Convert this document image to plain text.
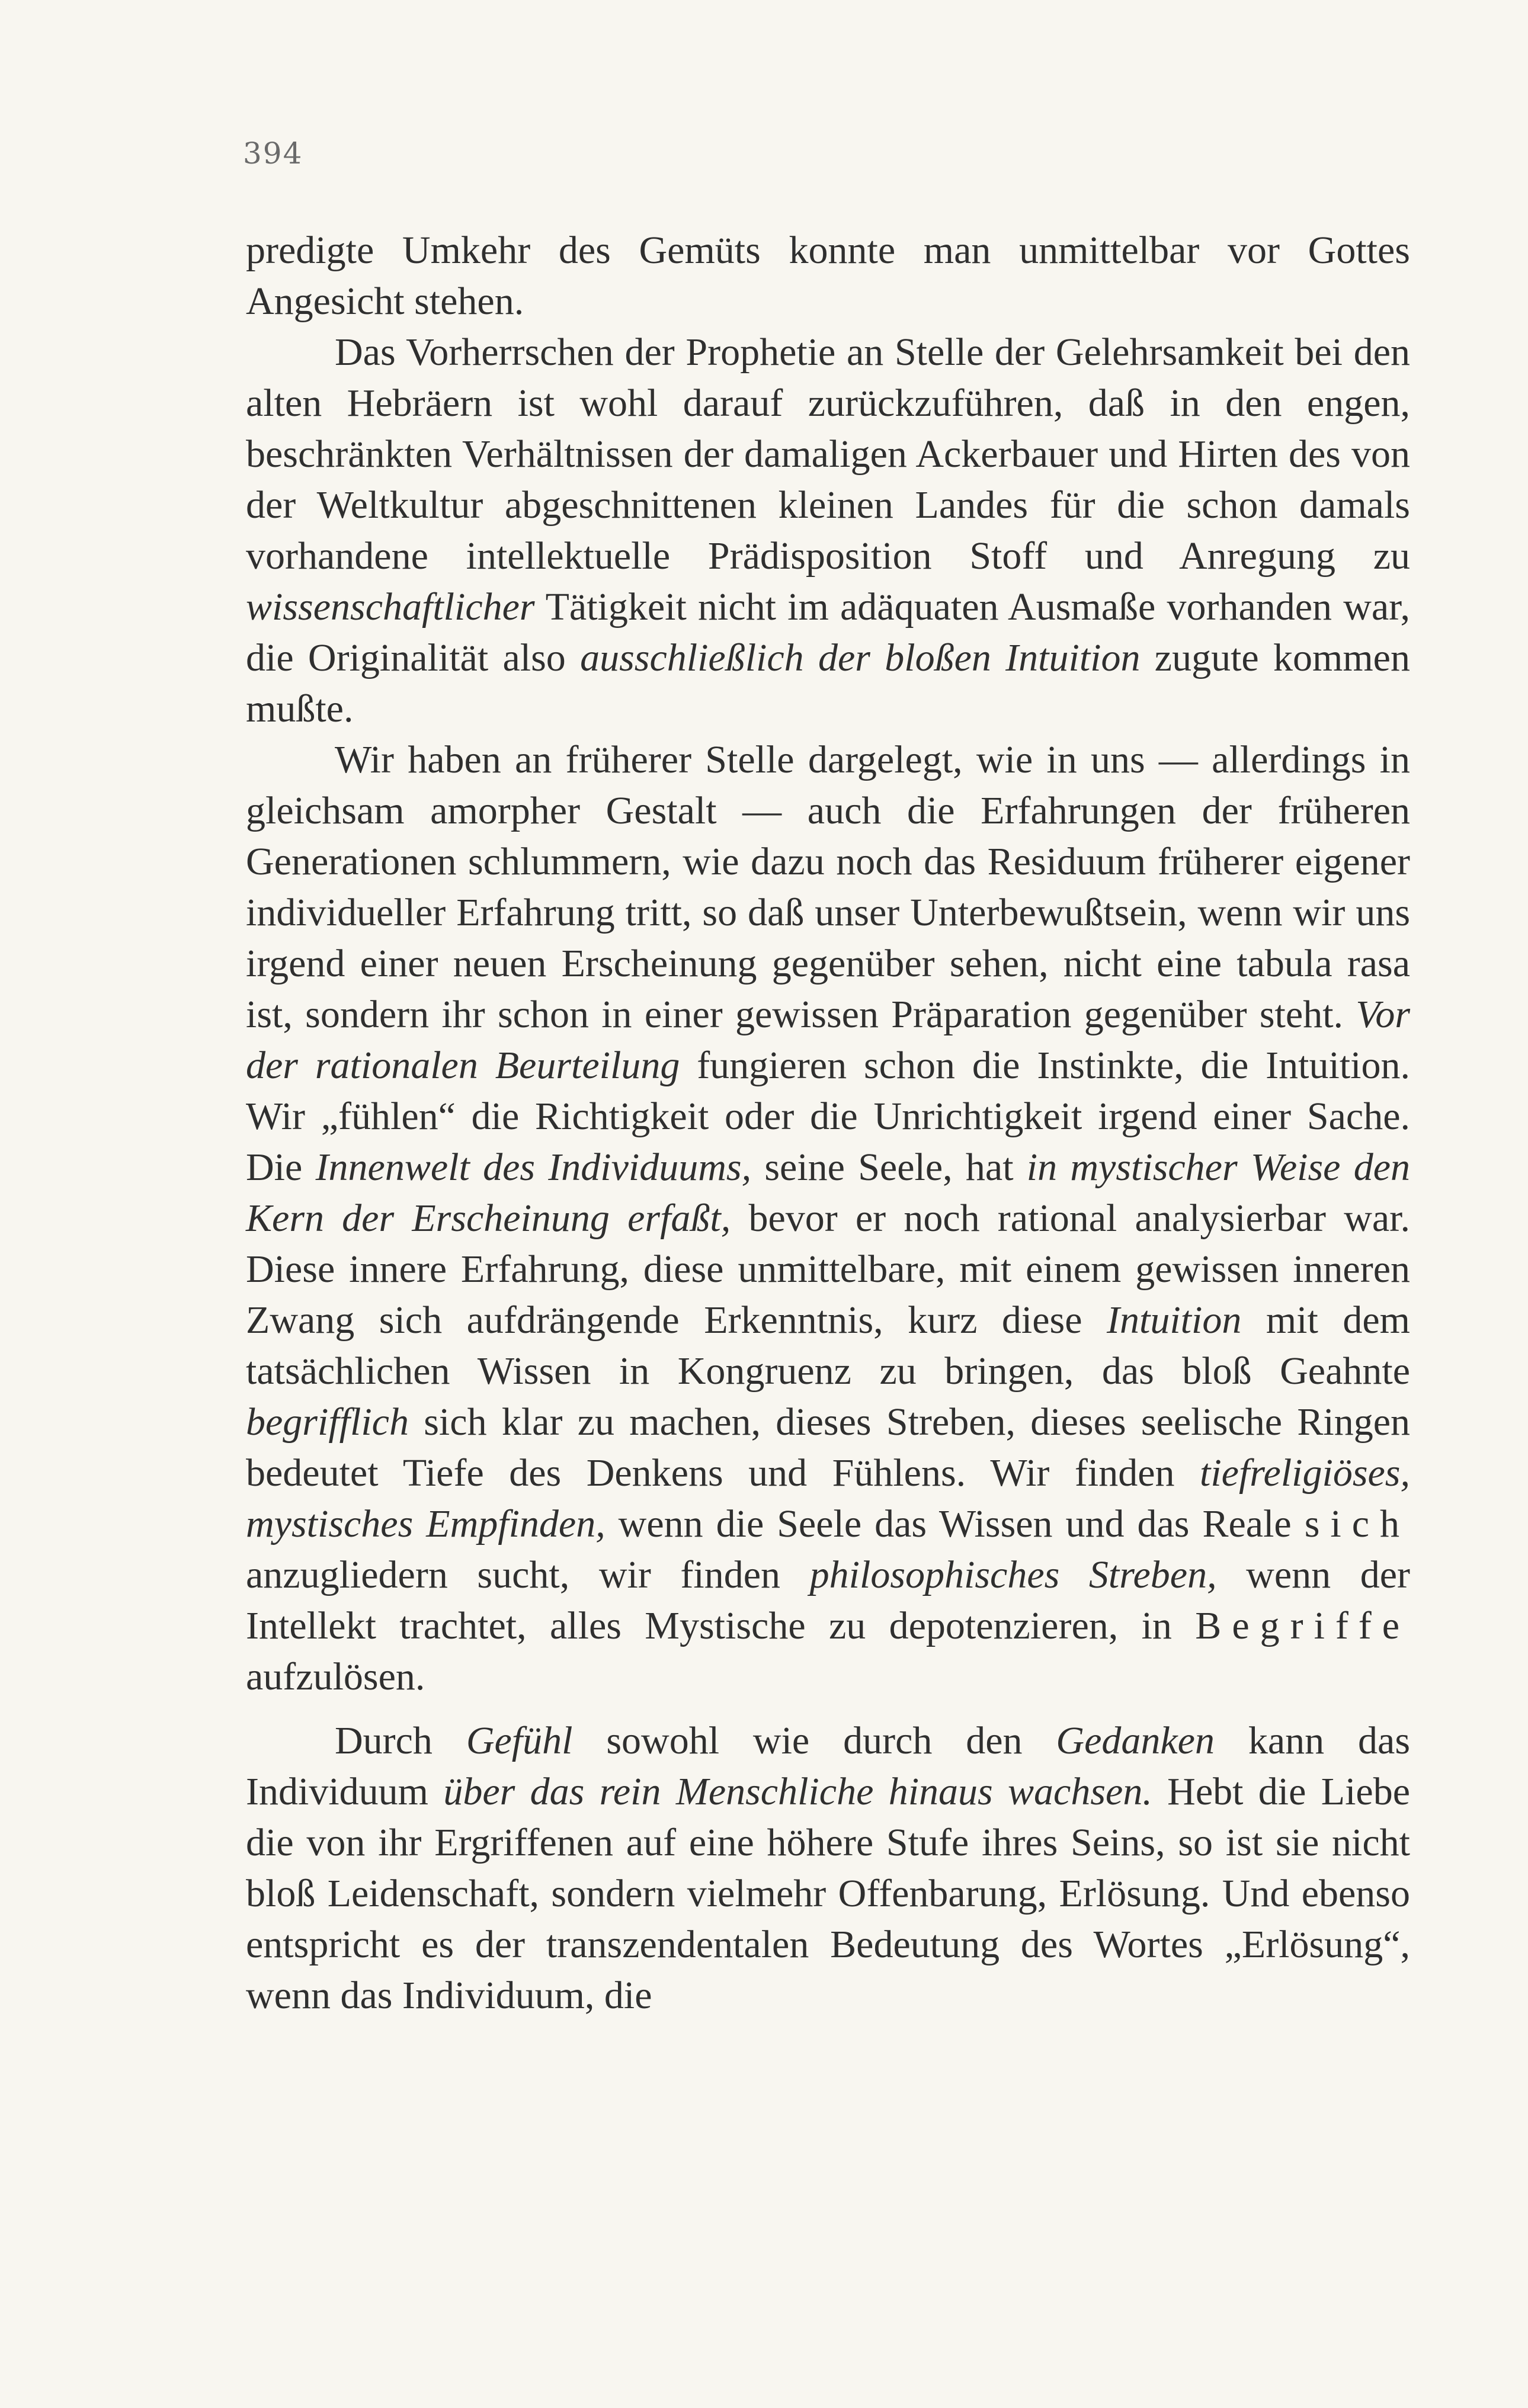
394

predigte Umkehr des Gemüts konnte man unmittelbar vor Gottes Angesicht stehen.

Das Vorherrschen der Prophetie an Stelle der Gelehrsamkeit bei den alten Hebräern ist wohl darauf zurückzuführen, daß in den engen, beschränkten Verhältnissen der damaligen Ackerbauer und Hirten des von der Weltkultur abgeschnittenen kleinen Landes für die schon damals vorhandene intellektuelle Prädisposition Stoff und Anregung zu wissenschaftlicher Tätigkeit nicht im adäquaten Ausmaße vorhanden war, die Originalität also ausschließlich der bloßen Intuition zugute kommen mußte.

Wir haben an früherer Stelle dargelegt, wie in uns — allerdings in gleichsam amorpher Gestalt — auch die Erfahrungen der früheren Generationen schlummern, wie dazu noch das Residuum früherer eigener individueller Erfahrung tritt, so daß unser Unterbewußtsein, wenn wir uns irgend einer neuen Erscheinung gegenüber sehen, nicht eine tabula rasa ist, sondern ihr schon in einer gewissen Präparation gegenüber steht. Vor der rationalen Beurteilung fungieren schon die Instinkte, die Intuition. Wir „fühlen“ die Richtigkeit oder die Unrichtigkeit irgend einer Sache. Die Innenwelt des Individuums, seine Seele, hat in mystischer Weise den Kern der Erscheinung erfaßt, bevor er noch rational analysierbar war. Diese innere Erfahrung, diese unmittelbare, mit einem gewissen inneren Zwang sich aufdrängende Erkenntnis, kurz diese Intuition mit dem tatsächlichen Wissen in Kongruenz zu bringen, das bloß Geahnte begrifflich sich klar zu machen, dieses Streben, dieses seelische Ringen bedeutet Tiefe des Denkens und Fühlens. Wir finden tiefreligiöses, mystisches Empfinden, wenn die Seele das Wissen und das Reale sich anzugliedern sucht, wir finden philosophisches Streben, wenn der Intellekt trachtet, alles Mystische zu depotenzieren, in Begriffe aufzulösen.

Durch Gefühl sowohl wie durch den Gedanken kann das Individuum über das rein Menschliche hinaus wachsen. Hebt die Liebe die von ihr Ergriffenen auf eine höhere Stufe ihres Seins, so ist sie nicht bloß Leidenschaft, sondern vielmehr Offenbarung, Erlösung. Und ebenso entspricht es der transzendentalen Bedeutung des Wortes „Erlösung“, wenn das Individuum, die
